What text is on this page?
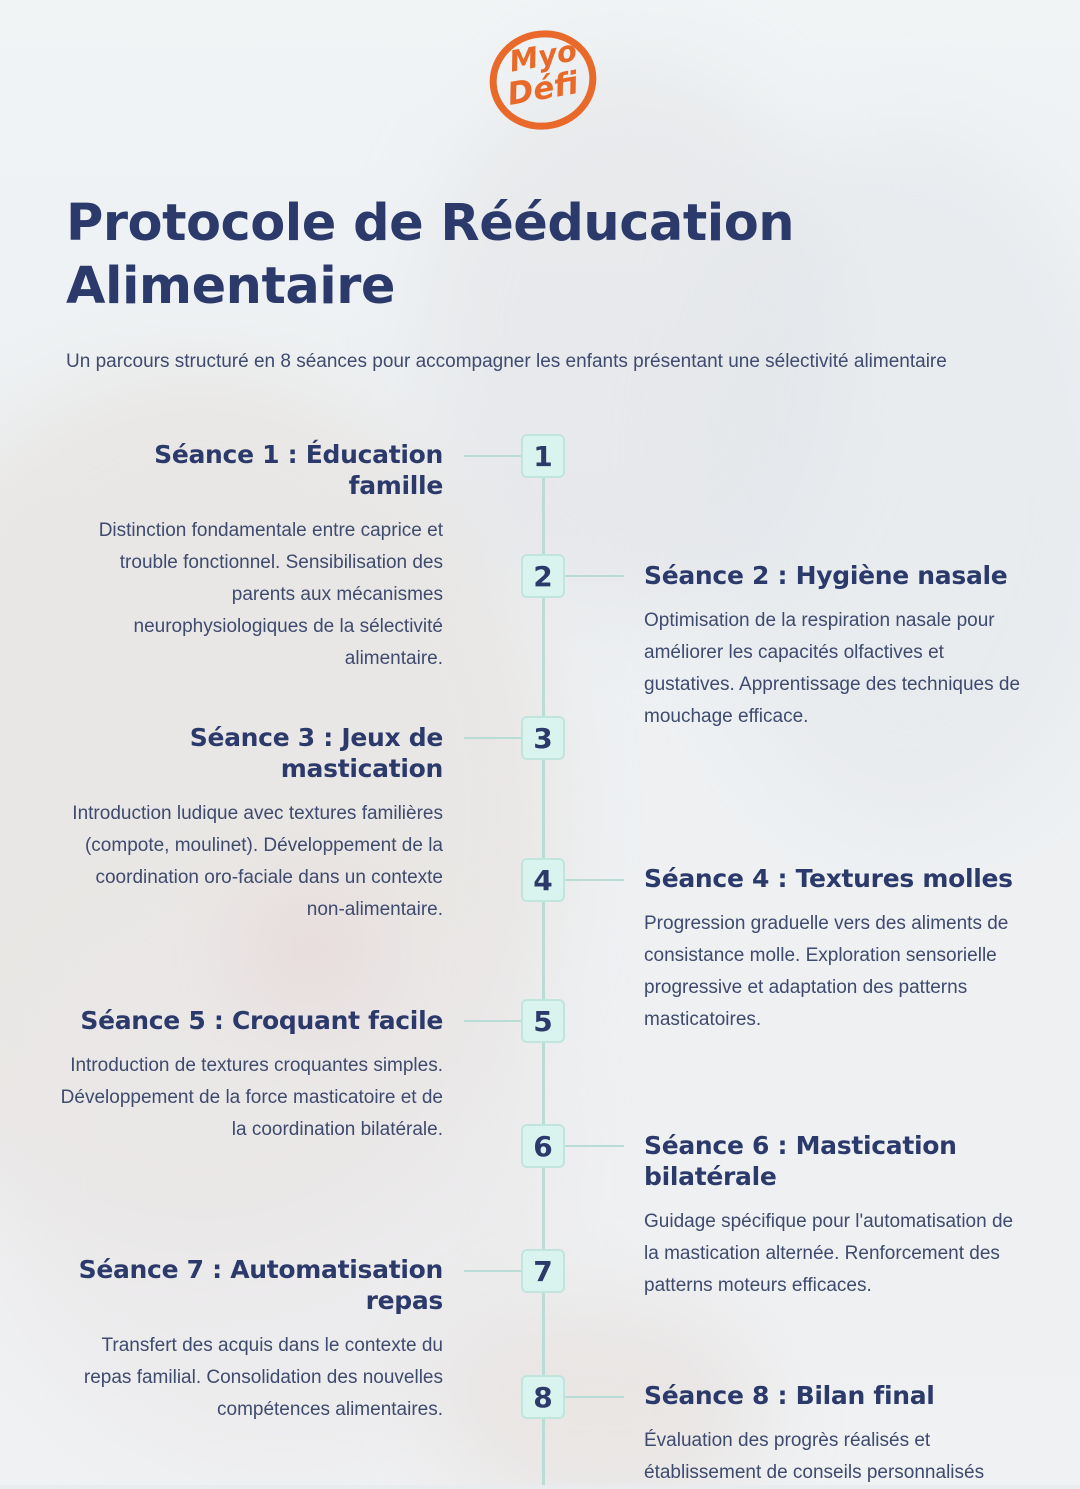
Myo
Défi
Protocole de Rééducation Alimentaire

Un parcours structuré en 8 séances pour accompagner les enfants présentant une sélectivité alimentaire

1
Séance 1 : Éducation famille

Distinction fondamentale entre caprice et trouble fonctionnel. Sensibilisation des parents aux mécanismes neurophysiologiques de la sélectivité alimentaire.

2	Séance 2 : Hygiène nasale

Optimisation de la respiration nasale pour améliorer les capacités olfactives et gustatives. Apprentissage des techniques de mouchage efficace.

3
Séance 3 : Jeux de mastication

Introduction ludique avec textures familières (compote, moulinet). Développement de la coordination oro-faciale dans un contexte non-alimentaire.

4	Séance 4 : Textures molles

Progression graduelle vers des aliments de consistance molle. Exploration sensorielle progressive et adaptation des patterns masticatoires.

5
Séance 5 : Croquant facile

Introduction de textures croquantes simples. Développement de la force masticatoire et de la coordination bilatérale.	6	Séance 6 : Mastication bilatérale

Guidage spécifique pour l'automatisation de la mastication alternée. Renforcement des patterns moteurs efficaces.

7
Séance 7 : Automatisation repas

Transfert des acquis dans le contexte du repas familial. Consolidation des nouvelles compétences alimentaires.	8	Séance 8 : Bilan final

Évaluation des progrès réalisés et établissement de conseils personnalisés
